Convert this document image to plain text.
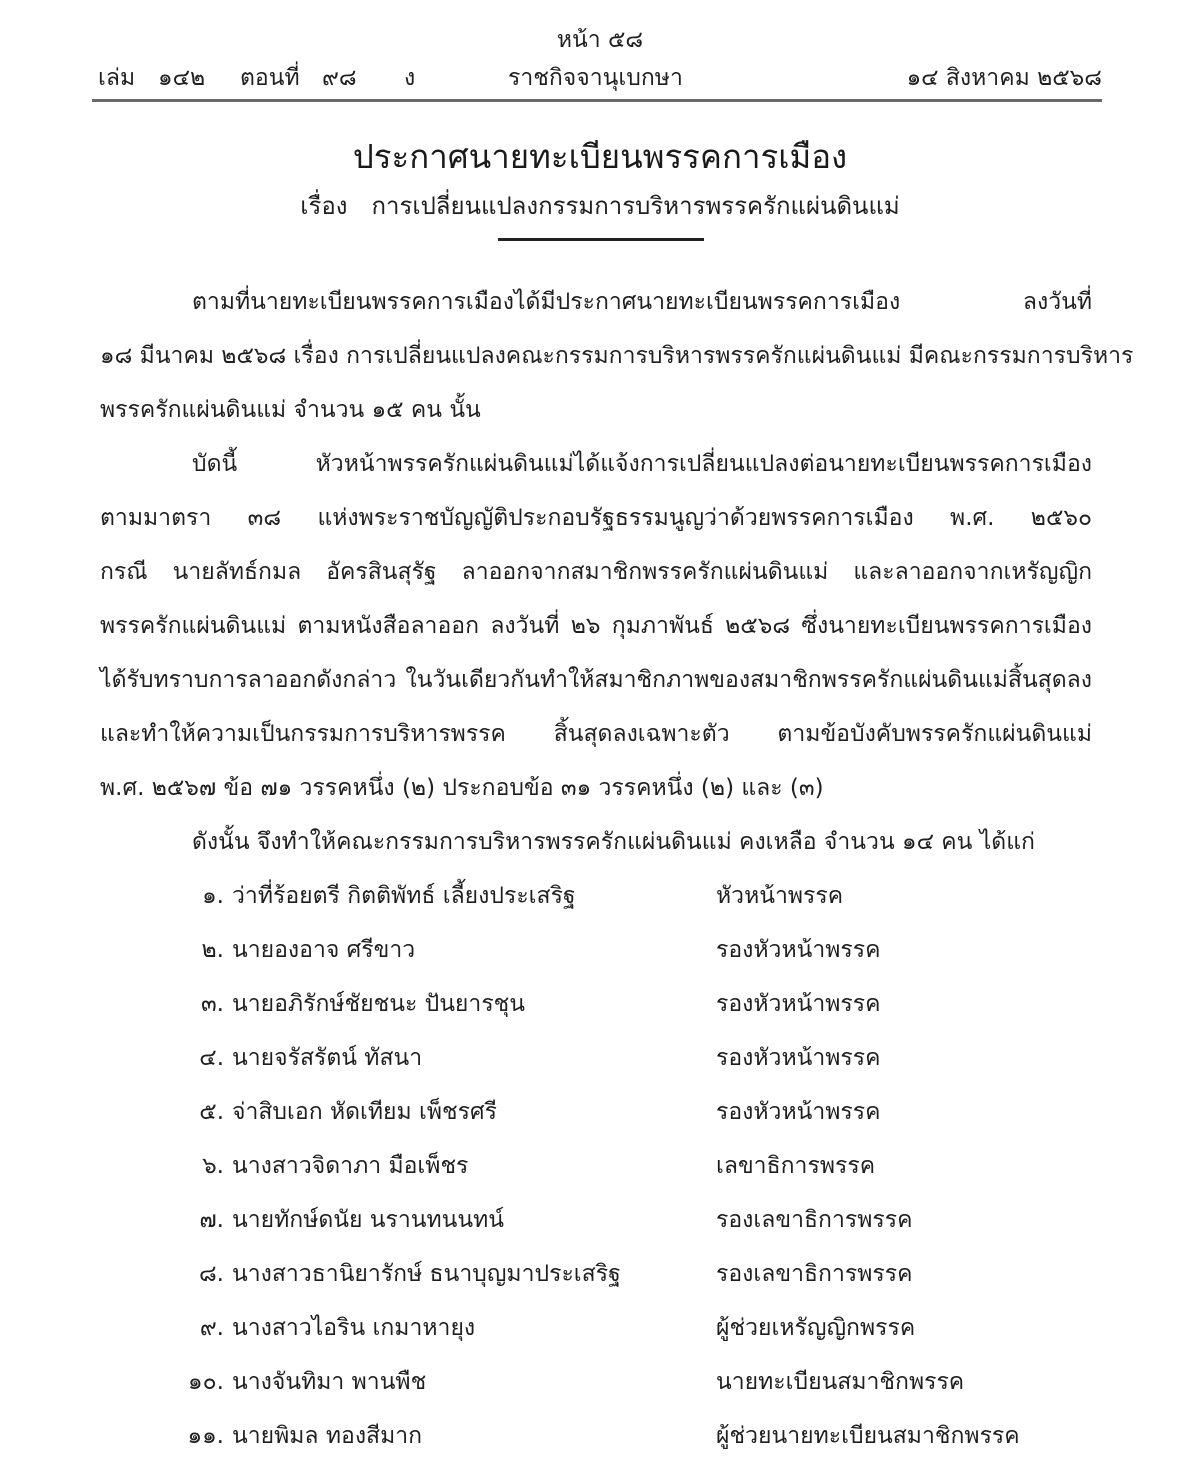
หน้า ๕๘
เล่ม ๑๔๒ ตอนที่ ๙๘ ง	ราชกิจจานุเบกษา	๑๔ สิงหาคม ๒๕๖๘
ประกาศนายทะเบียนพรรคการเมือง
เรื่อง การเปลี่ยนแปลงกรรมการบริหารพรรครักแผ่นดินแม่
ตามที่นายทะเบียนพรรคการเมืองได้มีประกาศนายทะเบียนพรรคการเมือง ลงวันที่
๑๘ มีนาคม ๒๕๖๘ เรื่อง การเปลี่ยนแปลงคณะกรรมการบริหารพรรครักแผ่นดินแม่ มีคณะกรรมการบริหาร
พรรครักแผ่นดินแม่ จำนวน ๑๕ คน นั้น
บัดนี้ หัวหน้าพรรครักแผ่นดินแม่ได้แจ้งการเปลี่ยนแปลงต่อนายทะเบียนพรรคการเมือง
ตามมาตรา ๓๘ แห่งพระราชบัญญัติประกอบรัฐธรรมนูญว่าด้วยพรรคการเมือง พ.ศ. ๒๕๖๐
กรณี นายลัทธ์กมล อัครสินสุรัฐ ลาออกจากสมาชิกพรรครักแผ่นดินแม่ และลาออกจากเหรัญญิก
พรรครักแผ่นดินแม่ ตามหนังสือลาออก ลงวันที่ ๒๖ กุมภาพันธ์ ๒๕๖๘ ซึ่งนายทะเบียนพรรคการเมือง
ได้รับทราบการลาออกดังกล่าว ในวันเดียวกันทำให้สมาชิกภาพของสมาชิกพรรครักแผ่นดินแม่สิ้นสุดลง
และทำให้ความเป็นกรรมการบริหารพรรค สิ้นสุดลงเฉพาะตัว ตามข้อบังคับพรรครักแผ่นดินแม่
พ.ศ. ๒๕๖๗ ข้อ ๗๑ วรรคหนึ่ง (๒) ประกอบข้อ ๓๑ วรรคหนึ่ง (๒) และ (๓)
ดังนั้น จึงทำให้คณะกรรมการบริหารพรรครักแผ่นดินแม่ คงเหลือ จำนวน ๑๔ คน ได้แก่
๑. ว่าที่ร้อยตรี กิตติพัทธ์ เลี้ยงประเสริฐ	หัวหน้าพรรค
๒. นายองอาจ ศรีขาว	รองหัวหน้าพรรค
๓. นายอภิรักษ์ชัยชนะ ปันยารชุน	รองหัวหน้าพรรค
๔. นายจรัสรัตน์ ทัสนา	รองหัวหน้าพรรค
๕. จ่าสิบเอก หัดเทียม เพ็ชรศรี	รองหัวหน้าพรรค
๖. นางสาวจิดาภา มือเพ็ชร	เลขาธิการพรรค
๗. นายทักษ์ดนัย นรานทนนทน์	รองเลขาธิการพรรค
๘. นางสาวธานิยารักษ์ ธนาบุญมาประเสริฐ	รองเลขาธิการพรรค
๙. นางสาวไอริน เกมาหายุง	ผู้ช่วยเหรัญญิกพรรค
๑๐. นางจันทิมา พานพืช	นายทะเบียนสมาชิกพรรค
๑๑. นายพิมล ทองสีมาก	ผู้ช่วยนายทะเบียนสมาชิกพรรค
